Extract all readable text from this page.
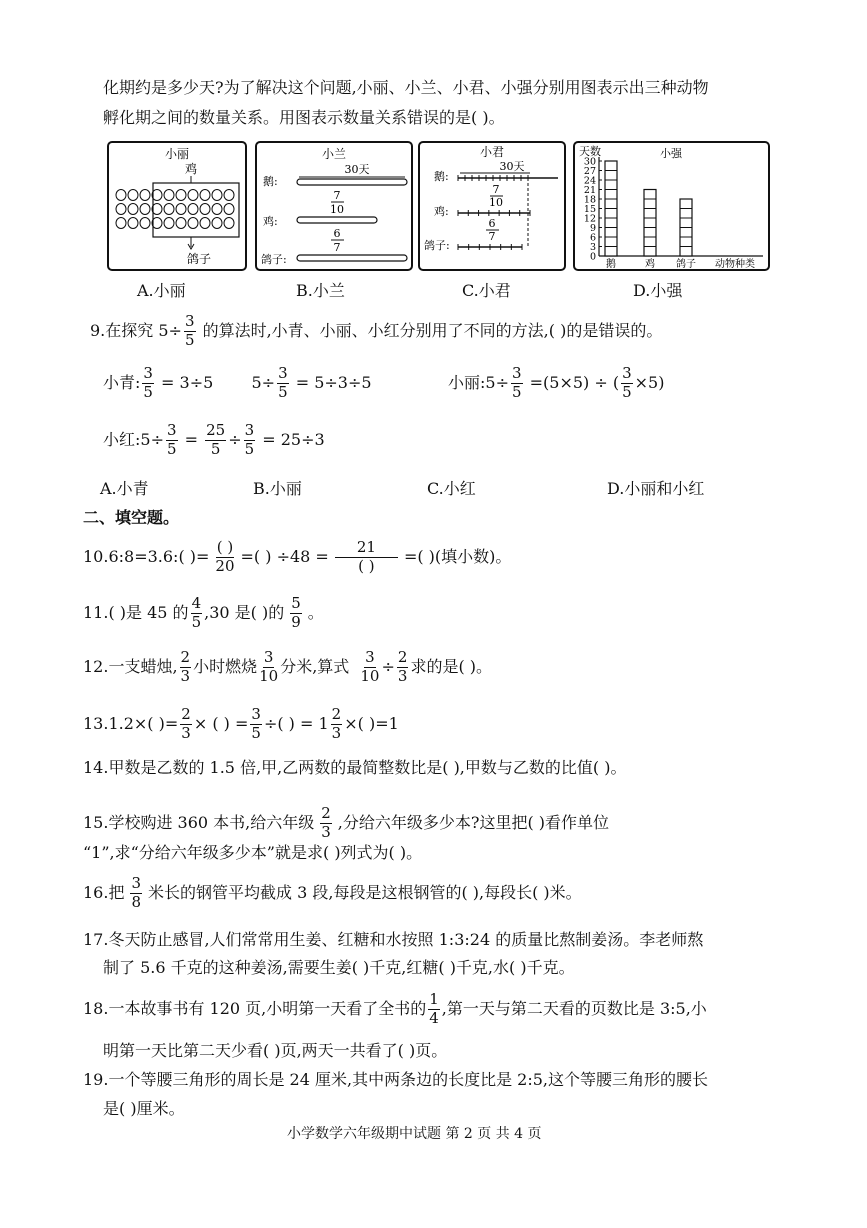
化期约是多少天?为了解决这个问题,小丽、小兰、小君、小强分别用图表示出三种动物
孵化期之间的数量关系。用图表示数量关系错误的是( )。
小丽
鸡
鸽子
小兰
30天
鹅:
7
10
鸡:
6
7
鸽子:
小君
30天
鹅:
7
10
鸡:
6
7
鸽子:
天数	小强
30
27
24
21
18
15
12
9
6
3
0
鹅	鸡 鸽子 动物种类
A.小丽	B.小兰	C.小君	D.小强
9.在探究 $5\div \frac{3}{5}$ 的算法时,小青、小丽、小红分别用了不同的方法,( )的是错误的。
小青: $\frac{3}{5} = 3\div 5$ $5\div \frac{3}{5} = 5\div 3\div 5$	小丽:5÷ $\frac{3}{5} =(5\times 5)$ ÷ ( $\frac{3}{5} \times 5$)
小红:5÷ $\frac{3}{5} = \frac{25}{5} \div \frac{3}{5} = 25\div 3$
A.小青	B.小丽	C.小红	D.小丽和小红
二、填空题。
10.6:8=3.6:( )= $\frac{( )}{20}$ =( ) $\div 48 = \frac{21}{( )}$ =( )(填小数)。
11.( )是 45 的 $\frac{4}{5} ,30$ 是( )的 $\frac{5}{9}$ 。
12.一支蜡烛, $\frac{2}{3}$ 小时燃烧 $\frac{3}{10}$ 分米,算式 $\frac{3}{10} \div \frac{2}{3}$ 求的是( )。
13.1.2×( )= $\frac{2}{3}$ × ( ) = $\frac{3}{5}$ ÷( ) = $1 \frac{2}{3}$ ×( )=1
14.甲数是乙数的 1.5 倍,甲,乙两数的最简整数比是( ),甲数与乙数的比值( )。
15.学校购进 360 本书,给六年级 $\frac{2}{3}$ ,分给六年级多少本?这里把( )看作单位
“1”,求“分给六年级多少本”就是求( )列式为( )。
16.把 $\frac{3}{8}$ 米长的钢管平均截成 3 段,每段是这根钢管的( ),每段长( )米。
17.冬天防止感冒,人们常常用生姜、红糖和水按照 1:3:24 的质量比熬制姜汤。李老师熬
制了 5.6 千克的这种姜汤,需要生姜( )千克,红糖( )千克,水( )千克。
18.一本故事书有 120 页,小明第一天看了全书的 $\frac{1}{4}$ ,第一天与第二天看的页数比是 3:5,小
明第一天比第二天少看( )页,两天一共看了( )页。
19.一个等腰三角形的周长是 24 厘米,其中两条边的长度比是 2:5,这个等腰三角形的腰长
是( )厘米。
小学数学六年级期中试题 第 2 页 共 4 页
